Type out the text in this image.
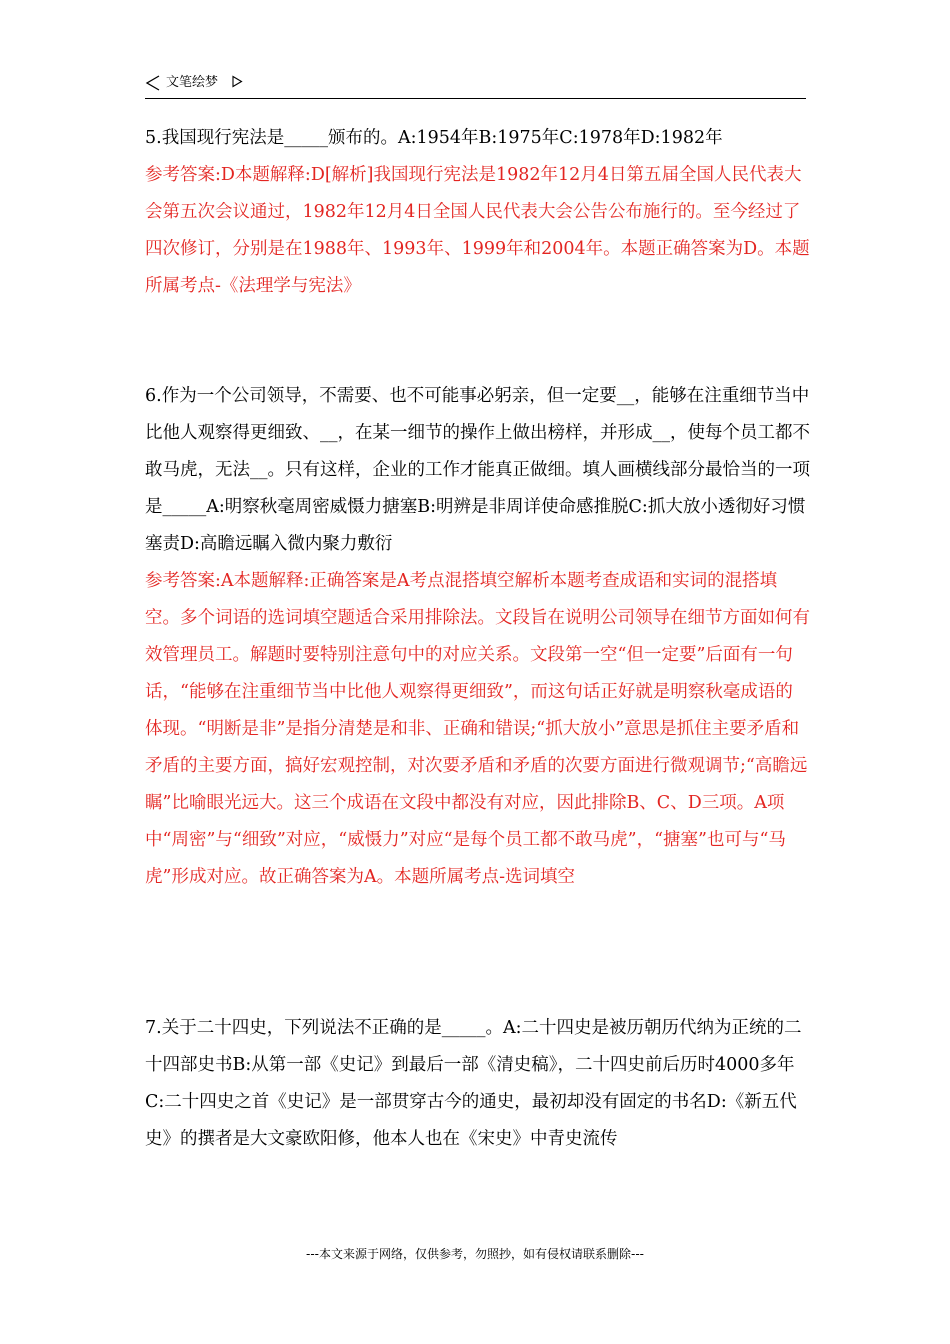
文笔绘梦

5.我国现行宪法是_____颁布的。A:1954年B:1975年C:1978年D:1982年

参考答案:D本题解释:D[解析]我国现行宪法是1982年12月4日第五届全国人民代表大会第五次会议通过，1982年12月4日全国人民代表大会公告公布施行的。至今经过了四次修订，分别是在1988年、1993年、1999年和2004年。本题正确答案为D。本题所属考点-《法理学与宪法》

6.作为一个公司领导，不需要、也不可能事必躬亲，但一定要__，能够在注重细节当中比他人观察得更细致、__，在某一细节的操作上做出榜样，并形成__，使每个员工都不敢马虎，无法__。只有这样，企业的工作才能真正做细。填人画横线部分最恰当的一项是_____A:明察秋毫周密威慑力搪塞B:明辨是非周详使命感推脱C:抓大放小透彻好习惯塞责D:高瞻远瞩入微内聚力敷衍

参考答案:A本题解释:正确答案是A考点混搭填空解析本题考查成语和实词的混搭填空。多个词语的选词填空题适合采用排除法。文段旨在说明公司领导在细节方面如何有效管理员工。解题时要特别注意句中的对应关系。文段第一空“但一定要”后面有一句话，“能够在注重细节当中比他人观察得更细致”，而这句话正好就是明察秋毫成语的体现。“明断是非”是指分清楚是和非、正确和错误;“抓大放小”意思是抓住主要矛盾和矛盾的主要方面，搞好宏观控制，对次要矛盾和矛盾的次要方面进行微观调节;“高瞻远瞩”比喻眼光远大。这三个成语在文段中都没有对应，因此排除B、C、D三项。A项中“周密”与“细致”对应，“威慑力”对应“是每个员工都不敢马虎”，“搪塞”也可与“马虎”形成对应。故正确答案为A。本题所属考点-选词填空

7.关于二十四史，下列说法不正确的是_____。A:二十四史是被历朝历代纳为正统的二十四部史书B:从第一部《史记》到最后一部《清史稿》，二十四史前后历时4000多年C:二十四史之首《史记》是一部贯穿古今的通史，最初却没有固定的书名D:《新五代史》的撰者是大文豪欧阳修，他本人也在《宋史》中青史流传

---本文来源于网络，仅供参考，勿照抄，如有侵权请联系删除---
